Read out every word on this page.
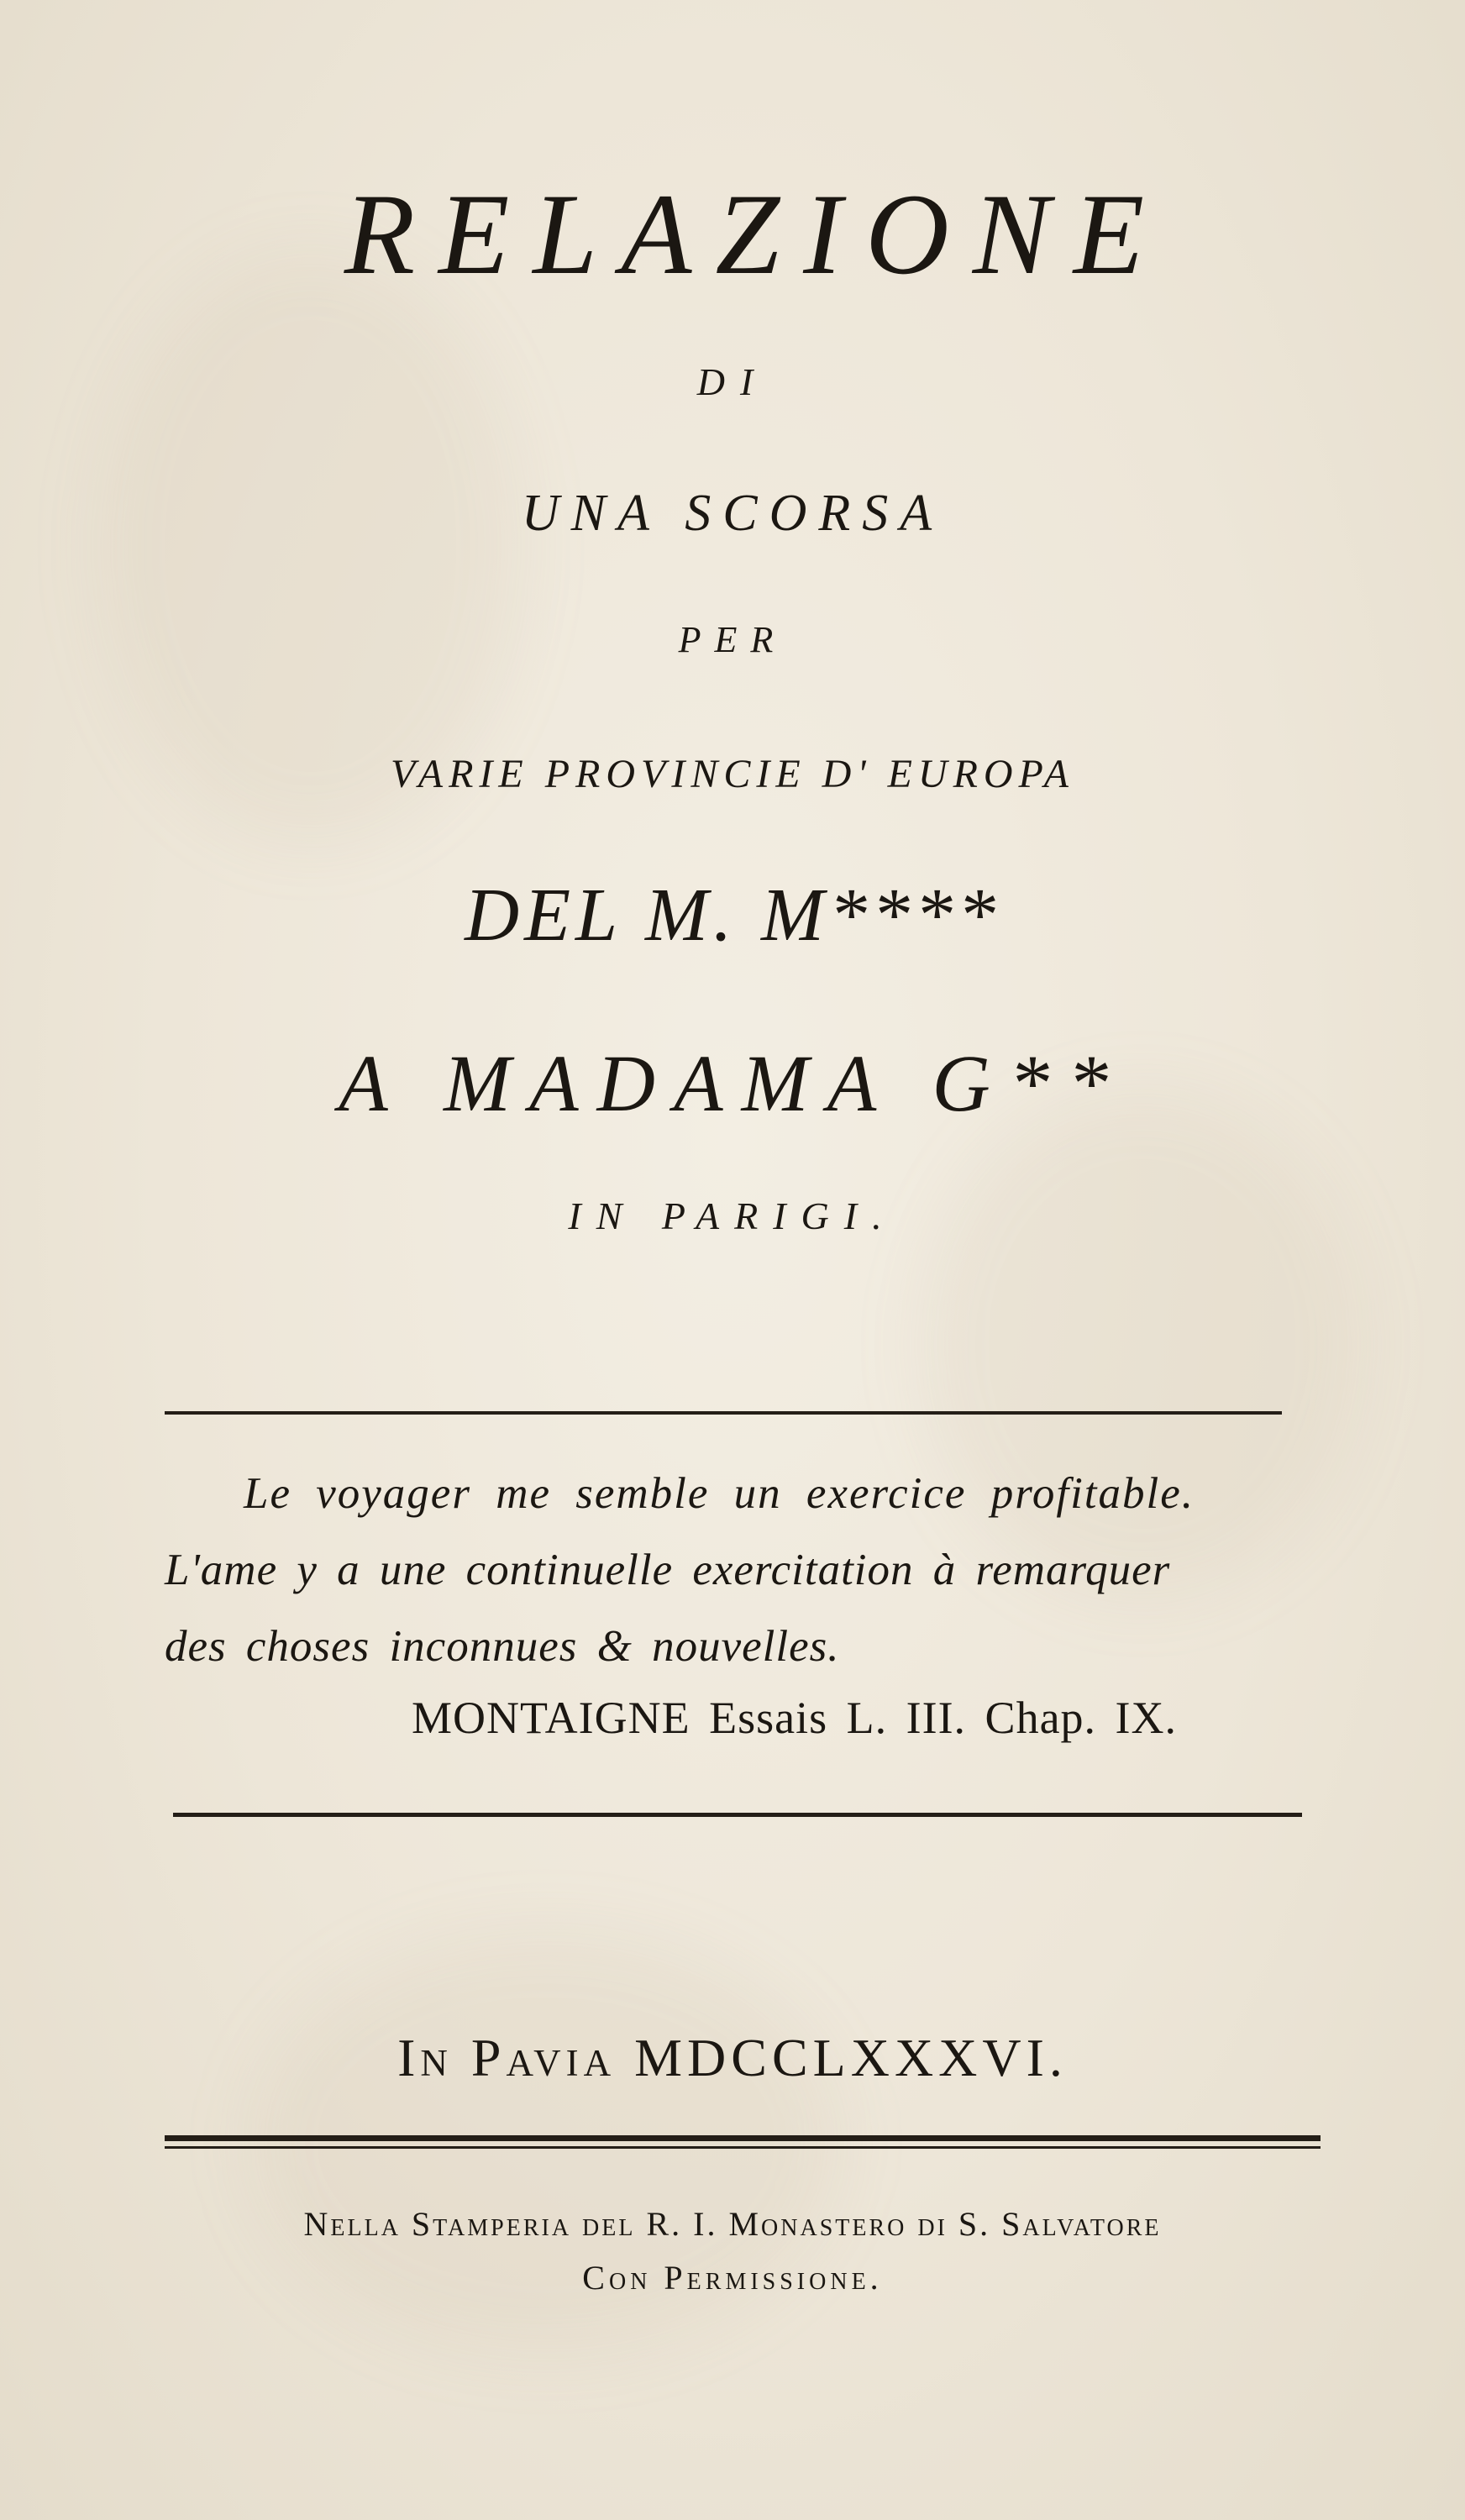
RELAZIONE
DI
UNA SCORSA
PER
VARIE PROVINCIE D' EUROPA
DEL M. M****
A MADAMA G**
IN PARIGI.
Le voyager me semble un exercice profitable.
L'ame y a une continuelle exercitation à remarquer
des choses inconnues & nouvelles.
MONTAIGNE Essais L. III. Chap. IX.
In Pavia MDCCLXXXVI.
Nella Stamperia del R. I. Monastero di S. Salvatore
Con Permissione.
